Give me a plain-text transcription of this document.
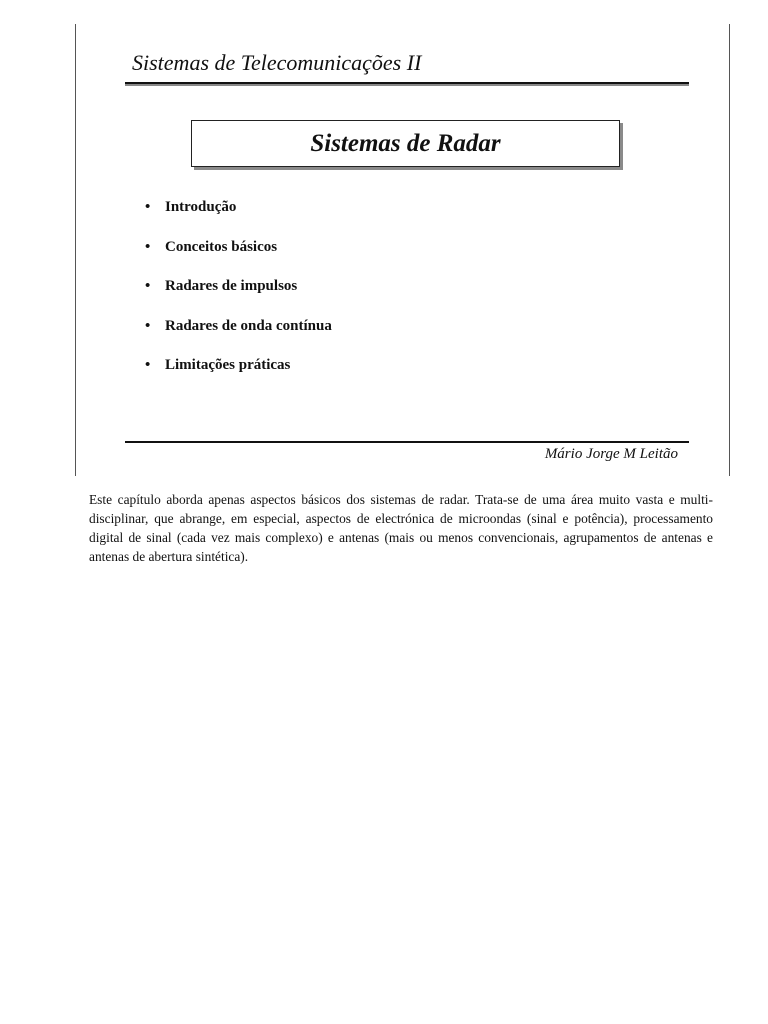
Sistemas de Telecomunicações II
Sistemas de Radar
• Introdução
• Conceitos básicos
• Radares de impulsos
• Radares de onda contínua
• Limitações práticas
Mário Jorge M Leitão

Este capítulo aborda apenas aspectos básicos dos sistemas de radar. Trata-se de uma área muito vasta e multi-disciplinar, que abrange, em especial, aspectos de electrónica de microondas (sinal e potência), processamento digital de sinal (cada vez mais complexo) e antenas (mais ou menos convencionais, agrupamentos de antenas e antenas de abertura sintética).
